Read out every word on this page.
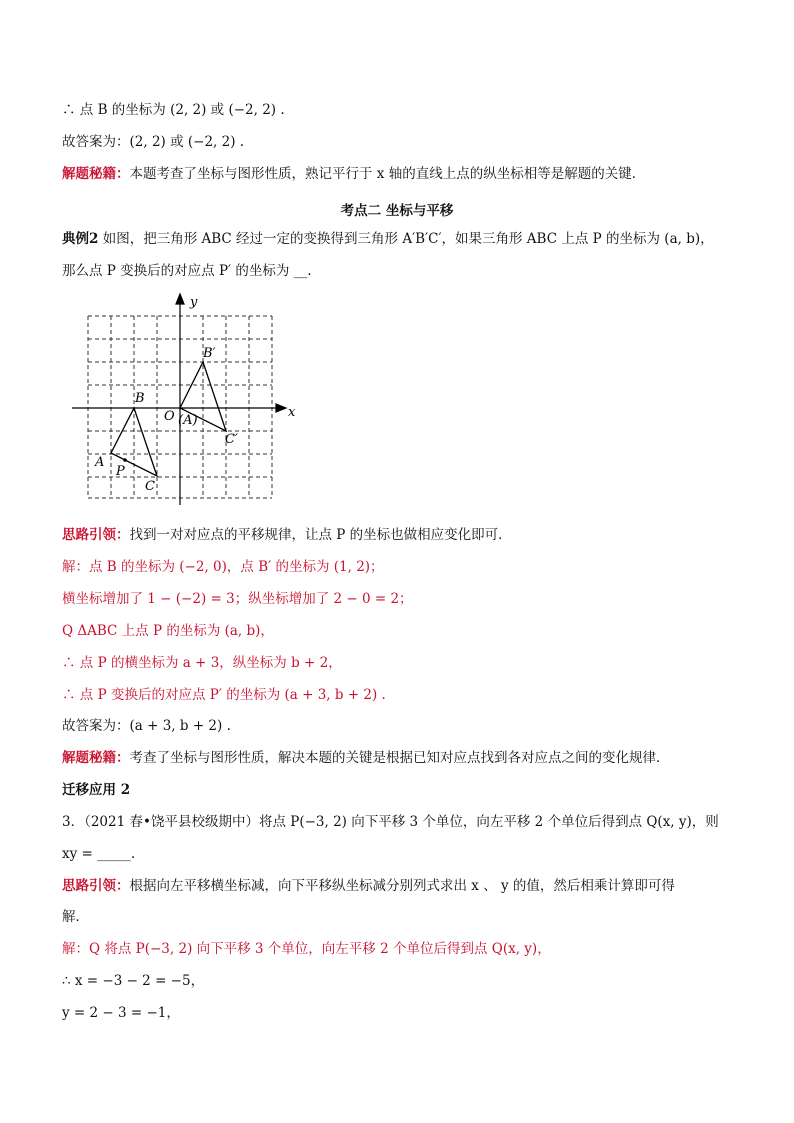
∴ 点 B 的坐标为 (2, 2) 或 (−2, 2) .
故答案为：(2, 2) 或 (−2, 2) .
解题秘籍：本题考查了坐标与图形性质，熟记平行于 x 轴的直线上点的纵坐标相等是解题的关键．
考点二 坐标与平移
典例2 如图，把三角形 ABC 经过一定的变换得到三角形 A′B′C′，如果三角形 ABC 上点 P 的坐标为 (a, b)，
那么点 P 变换后的对应点 P′ 的坐标为 __.
y
x
O
A
B
C
P
(A)
B′
C′
思路引领：找到一对对应点的平移规律，让点 P 的坐标也做相应变化即可．
解：点 B 的坐标为 (−2, 0)，点 B′ 的坐标为 (1, 2)；
横坐标增加了 1 − (−2) = 3；纵坐标增加了 2 − 0 = 2；
Q ΔABC 上点 P 的坐标为 (a, b)，
∴ 点 P 的横坐标为 a + 3，纵坐标为 b + 2，
∴ 点 P 变换后的对应点 P′ 的坐标为 (a + 3, b + 2) .
故答案为：(a + 3, b + 2) .
解题秘籍：考查了坐标与图形性质，解决本题的关键是根据已知对应点找到各对应点之间的变化规律．
迁移应用 2
3．（2021 春•饶平县校级期中）将点 P(−3, 2) 向下平移 3 个单位，向左平移 2 个单位后得到点 Q(x, y)，则
xy = _____.
思路引领：根据向左平移横坐标减，向下平移纵坐标减分别列式求出 x 、 y 的值，然后相乘计算即可得
解．
解：Q 将点 P(−3, 2) 向下平移 3 个单位，向左平移 2 个单位后得到点 Q(x, y)，
∴ x = −3 − 2 = −5，
y = 2 − 3 = −1，
